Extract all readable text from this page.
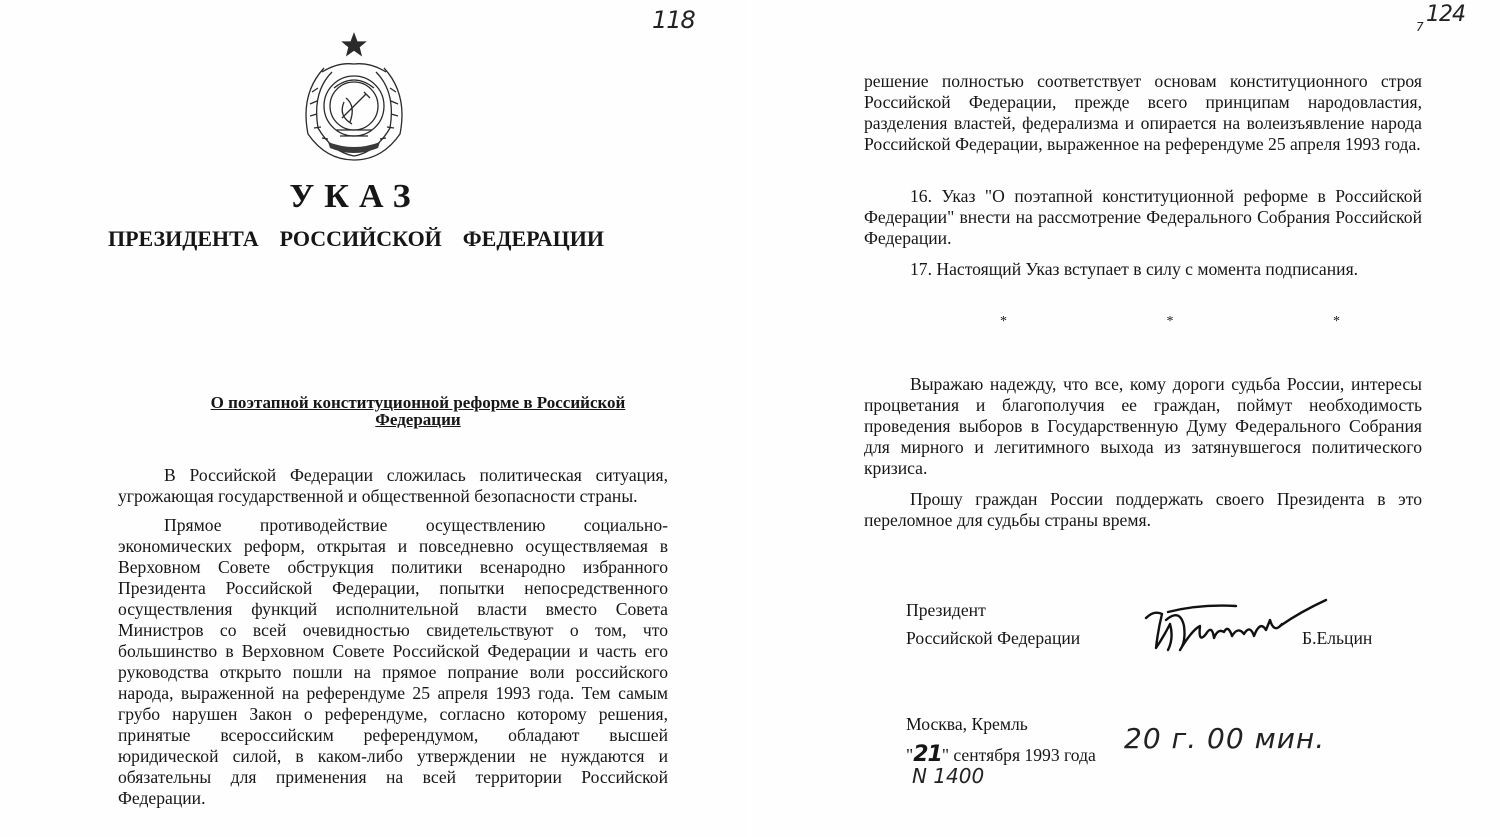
118
УКАЗ
ПРЕЗИДЕНТА РОССИЙСКОЙ ФЕДЕРАЦИИ
О поэтапной конституционной реформе в Российской Федерации

В Российской Федерации сложилась политическая ситуация, угрожающая государственной и общественной безопасности страны.

Прямое противодействие осуществлению социально-экономических реформ, открытая и повседневно осуществляемая в Верховном Совете обструкция политики всенародно избранного Президента Российской Федерации, попытки непосредственного осуществления функций исполнительной власти вместо Совета Министров со всей очевидностью свидетельствуют о том, что большинство в Верховном Совете Российской Федерации и часть его руководства открыто пошли на прямое попрание воли российского народа, выраженной на референдуме 25 апреля 1993 года. Тем самым грубо нарушен Закон о референдуме, согласно которому решения, принятые всероссийским референдумом, обладают высшей юридической силой, в каком-либо утверждении не нуждаются и обязательны для применения на всей территории Российской Федерации.

7 124

решение полностью соответствует основам конституционного строя Российской Федерации, прежде всего принципам народовластия, разделения властей, федерализма и опирается на волеизъявление народа Российской Федерации, выраженное на референдуме 25 апреля 1993 года.

16. Указ "О поэтапной конституционной реформе в Российской Федерации" внести на рассмотрение Федерального Собрания Российской Федерации.

17. Настоящий Указ вступает в силу с момента подписания.

*	*	*

Выражаю надежду, что все, кому дороги судьба России, интересы процветания и благополучия ее граждан, поймут необходимость проведения выборов в Государственную Думу Федерального Собрания для мирного и легитимного выхода из затянувшегося политического кризиса.

Прошу граждан России поддержать своего Президента в это переломное для судьбы страны время.

Президент
Российской Федерации	Б.Ельцин
Москва, Кремль
"21" сентября 1993 года 20 г. 00 мин.
N 1400
